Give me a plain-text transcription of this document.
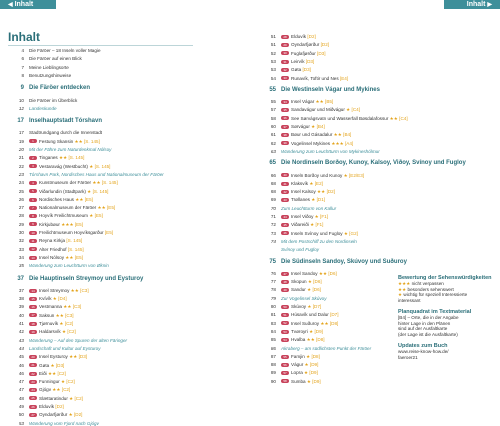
◀ Inhalt	Inhalt ▶
Inhalt
4 Die Färöer – 18 Inseln voller Magie
6 Die Färöer auf einen Blick
7 Meine Lieblingsorte
8 Benutzungshinweise
9 Die Färöer entdecken
10 Die Färöer im Überblick
12 Landeskunde
17 Inselhauptstadt Tórshavn
17 Stadtrundgang durch die Innenstadt
19	1 Festung Skansin ★★ [S. 145]
20 Mit der Fähre zum Naturdenkmal Nólsoy
21	2 Tinganes ★★ [S. 145]
22	3 Vestaravág (Westbucht) ★ [S. 145]
23 Tórshavn Park, Nordisches Haus und Nationalmuseum der Färöer
24	4 Kunstmuseum der Färöer ★★ [S. 145]
25	5 Viðarlundin (Stadtpark) ★ [S. 145]
26	6 Nordisches Haus ★★ [E5]
27	7 Nationalmuseum der Färöer ★★ [E5]
28	8 Hoyvík Freilichtmuseum ★ [E5]
29	9 Kirkjubøur ★★★ [E5]
30 10 Freilichtmuseum Hoyvíksgarður [E5]
32 11 Reyna Kirkja [S. 145]
33 12 Alter Friedhof [S. 145]
34 13 Insel Nólsoy ★★ [E5]
35 Wanderung zum Leuchtturm von Øknin
37 Die Hauptinseln Streymoy und Eysturoy
37 14 Insel Streymoy ★★ [C3]
38 15 Kvívík ★ [D4]
39 16 Vestmanna ★★ [C3]
40 17 Saksun ★★ [C3]
41 18 Tjørnuvík ★ [C2]
42 19 Haldarsvík ★ [C2]
43 Wanderung – Auf den Spuren der alten Färinger
44 Landschaft und Kultur auf Eysturoy
45 20 Insel Eysturoy ★★ [D3]
46 21 Gøta ★ [D3]
46 22 Eiði ★★ [C2]
47 23 Funningur ★ [C2]
47 24 Gjógv ★★ [C2]
48 25 Slættaratindur ★ [C2]
49 26 Elduvík [D2]
50 27 Oyndarfjørður ★ [D2]
53 Wanderung vom Fjord nach Gjógv
51 28 Elduvík [D2]
51 29 Oyndarfjørður [D2]
52 30 Fuglafjørður [D3]
53 31 Leirvík [D3]
53 32 Gøta [D3]
54 33 Runavík, Toftir und Nes [E4]
55 Die Westinseln Vágar und Mykines
55 34 Insel Vágar ★★ [B5]
57 35 Sandavágur und Miðvágur ★ [C4]
58 36 See Sørvágsvatn und Wasserfall Bøsdalafossur ★★ [C4]
60 37 Sørvágur ★ [B4]
61 38 Bøur und Gásadalur ★★ [B4]
62 39 Vogelinsel Mykines ★★★ [A4]
63 Wanderung zum Leuchtturm von Mykineshólmur
65 Die Nordinseln Borðoy, Kunoy, Kalsoy, Viðoy, Svínoy und Fugloy
66 40 Inseln Borðoy und Kunoy ★ [E2/E3]
68 41 Klaksvík ★ [E2]
68 42 Insel Kalsoy ★★ [D2]
69 43 Trøllanes ★ [D1]
70 Zum Leuchtturm von Kallur
71 44 Insel Viðoy ★ [F1]
72 45 Viðareiði ★ [F1]
73 46 Inseln Svínoy und Fugloy ★ [G2]
74 Mit dem Postschiff zu den Nordinseln
Svínoy und Fugloy
75 Die Südinseln Sandoy, Skúvoy und Suðuroy
76 47 Insel Sandoy ★★ [D6]
77 48 Skopun ★ [D6]
78 49 Sandur ★ [D6]
79 Zur Vogelinsel Skúvoy
80 50 Skúvoy ★ [D7]
81 51 Húsavík und Dalur [D7]
83 52 Insel Suðuroy ★★ [D8]
84 53 Tvøroyri ★ [D9]
85 54 Hvalba ★★ [D8]
86 Akraberg – am südlichsten Punkt der Färöer
87 55 Famjin ★ [D8]
88 56 Vágur ★ [D9]
89 57 Lopra ★ [D9]
90 58 Sumba ★ [D9]
Bewertung der Sehenswürdigkeiten
★★★ nicht verpassen
★★ besonders sehenswert
★ wichtig für speziell Interessierte
interessant
Planquadrat im Textmaterial
[B4] – Orte, die in der Angabe
hinter Lage in den Plänen
sind auf der Ausfaltkarte
(der Lage ist die Ausfaltkarte)
Updates zum Buch
www.reise-know-how.de/
faeroer21
